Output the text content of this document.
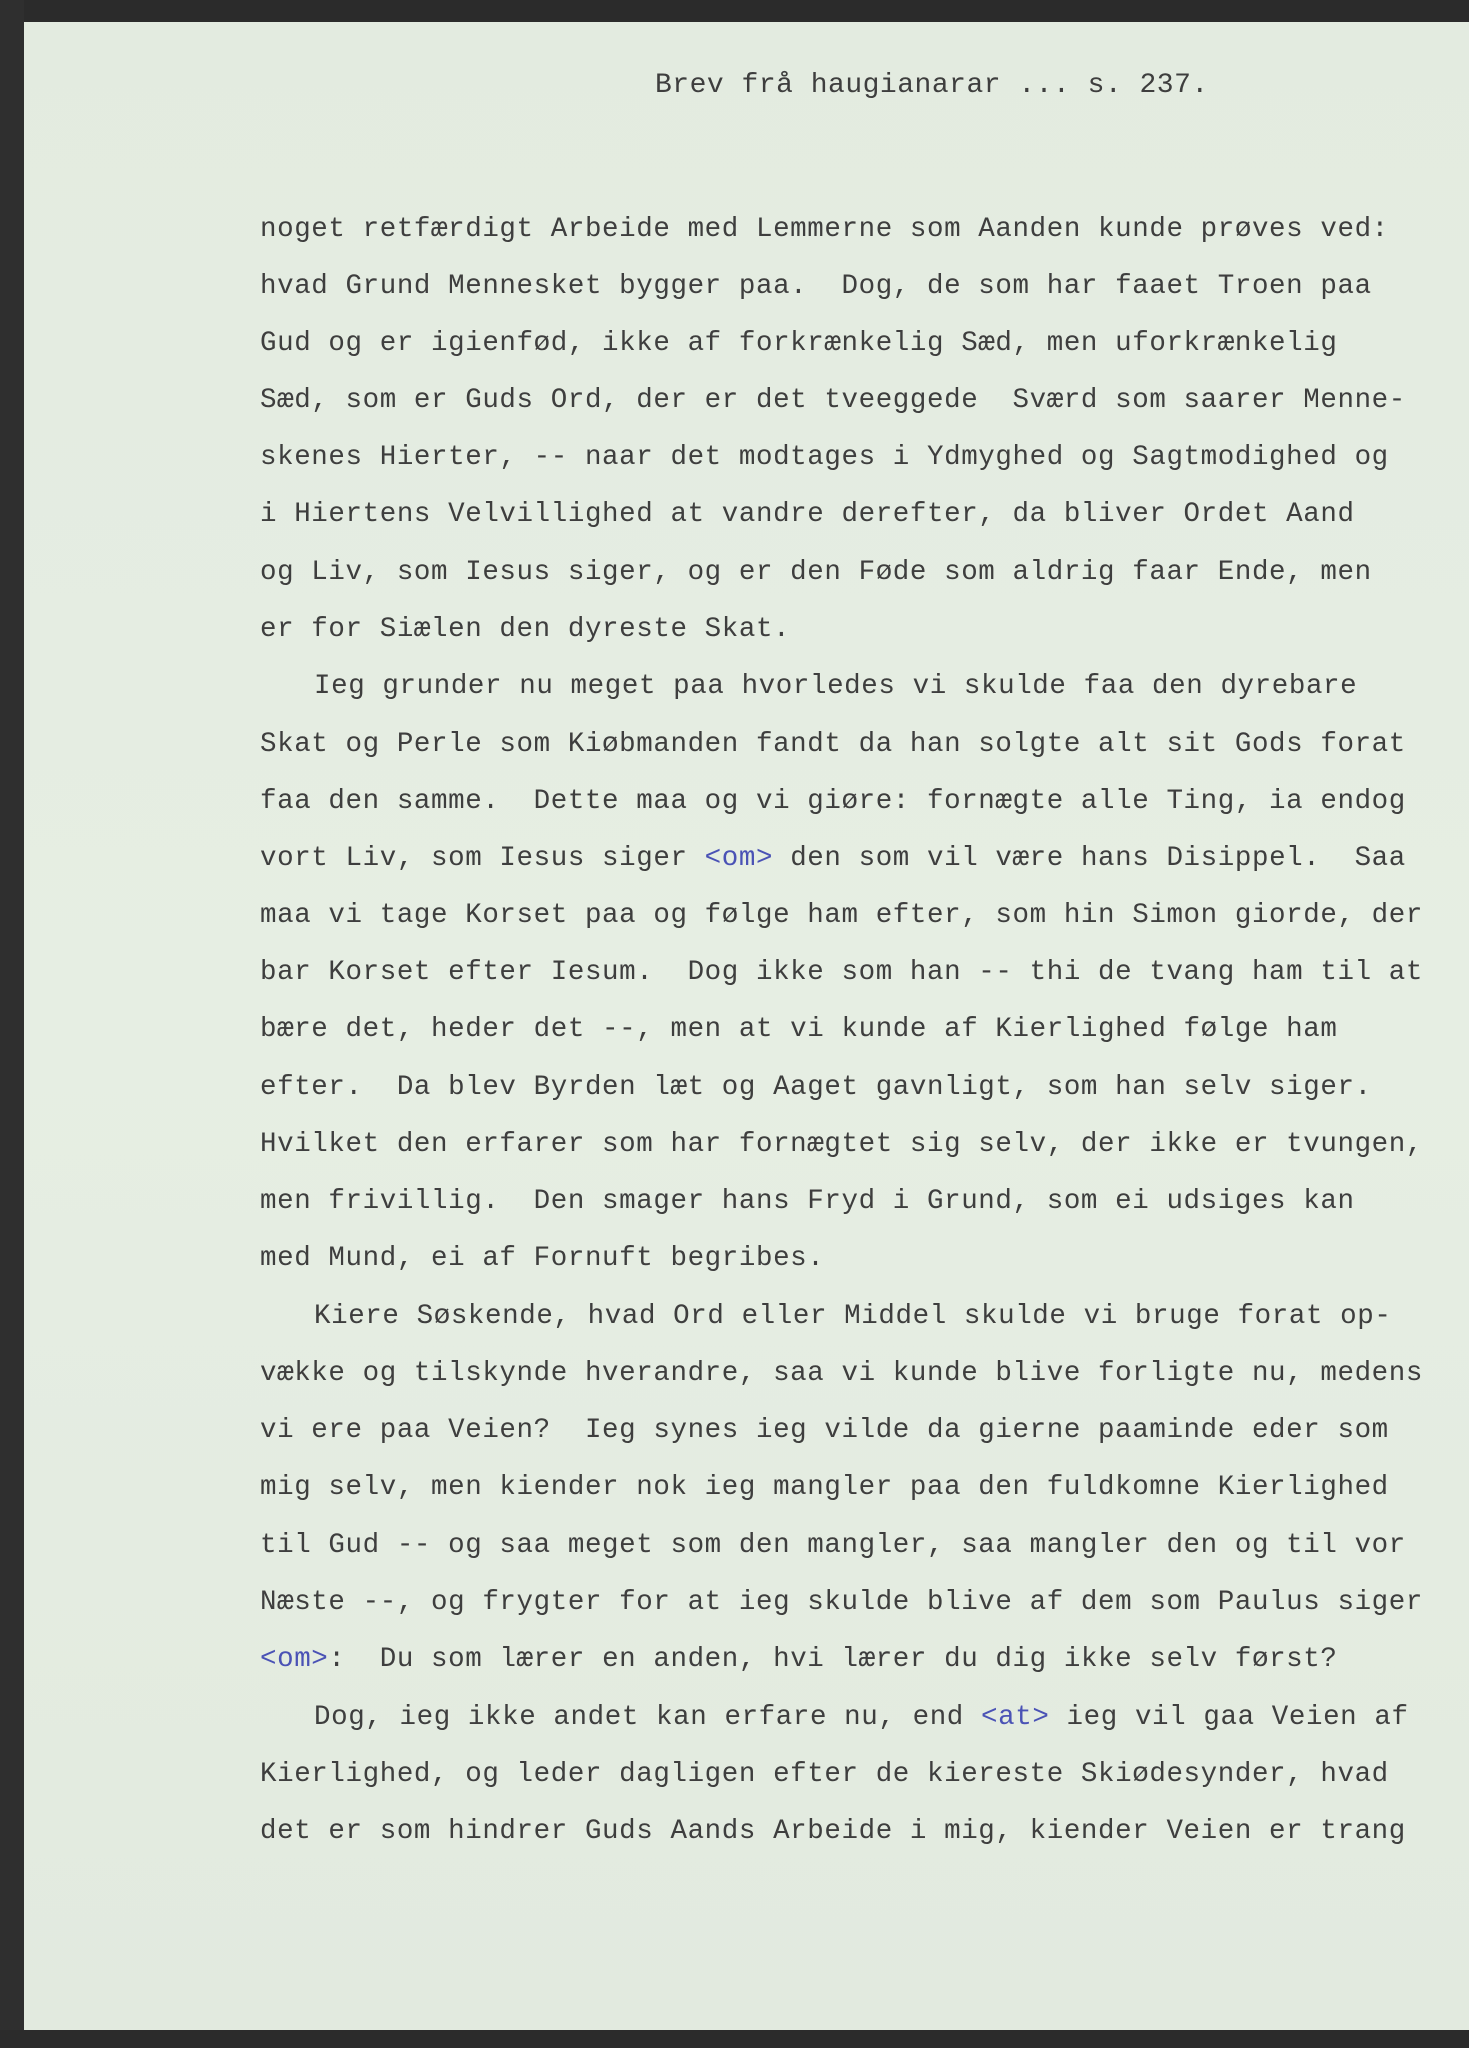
Brev frå haugianarar ... s. 237.
noget retfærdigt Arbeide med Lemmerne som Aanden kunde prøves ved:
hvad Grund Mennesket bygger paa.  Dog, de som har faaet Troen paa
Gud og er igienfød, ikke af forkrænkelig Sæd, men uforkrænkelig
Sæd, som er Guds Ord, der er det tveeggede  Sværd som saarer Menne-
skenes Hierter, -- naar det modtages i Ydmyghed og Sagtmodighed og
i Hiertens Velvillighed at vandre derefter, da bliver Ordet Aand
og Liv, som Iesus siger, og er den Føde som aldrig faar Ende, men
er for Siælen den dyreste Skat.
Ieg grunder nu meget paa hvorledes vi skulde faa den dyrebare
Skat og Perle som Kiøbmanden fandt da han solgte alt sit Gods forat
faa den samme.  Dette maa og vi giøre: fornægte alle Ting, ia endog
vort Liv, som Iesus siger <om> den som vil være hans Disippel.  Saa
maa vi tage Korset paa og følge ham efter, som hin Simon giorde, der
bar Korset efter Iesum.  Dog ikke som han -- thi de tvang ham til at
bære det, heder det --, men at vi kunde af Kierlighed følge ham
efter.  Da blev Byrden læt og Aaget gavnligt, som han selv siger.
Hvilket den erfarer som har fornægtet sig selv, der ikke er tvungen,
men frivillig.  Den smager hans Fryd i Grund, som ei udsiges kan
med Mund, ei af Fornuft begribes.
Kiere Søskende, hvad Ord eller Middel skulde vi bruge forat op-
vække og tilskynde hverandre, saa vi kunde blive forligte nu, medens
vi ere paa Veien?  Ieg synes ieg vilde da gierne paaminde eder som
mig selv, men kiender nok ieg mangler paa den fuldkomne Kierlighed
til Gud -- og saa meget som den mangler, saa mangler den og til vor
Næste --, og frygter for at ieg skulde blive af dem som Paulus siger
<om>:  Du som lærer en anden, hvi lærer du dig ikke selv først?
Dog, ieg ikke andet kan erfare nu, end <at> ieg vil gaa Veien af
Kierlighed, og leder dagligen efter de kiereste Skiødesynder, hvad
det er som hindrer Guds Aands Arbeide i mig, kiender Veien er trang
